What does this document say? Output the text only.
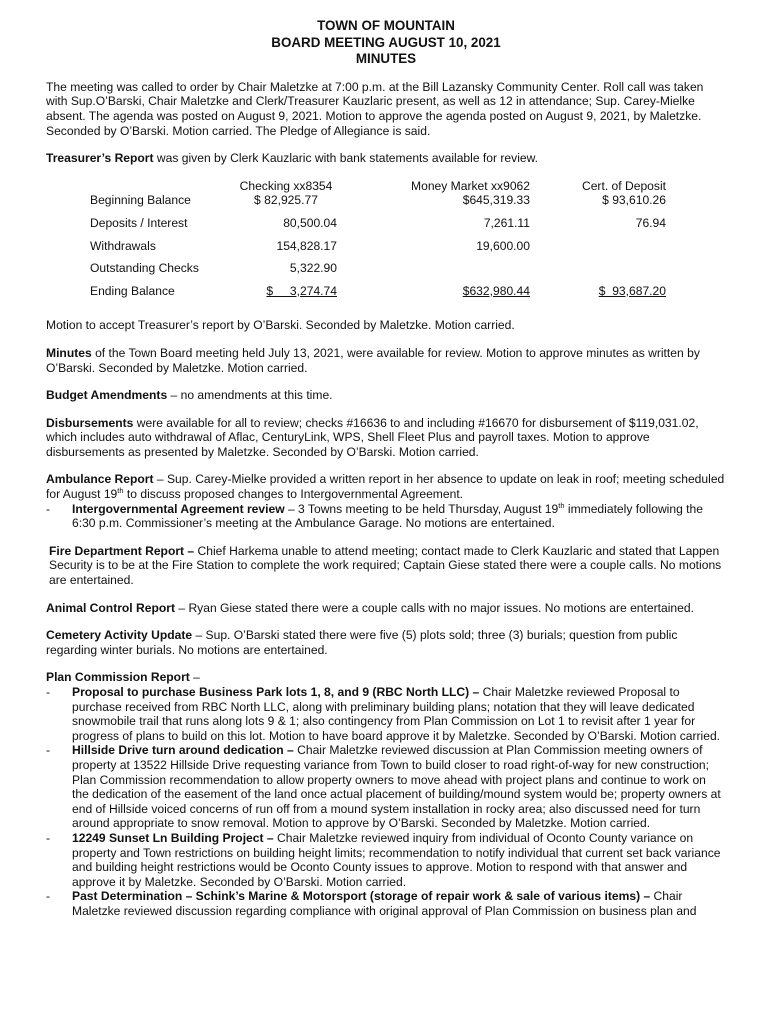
TOWN OF MOUNTAIN
BOARD MEETING AUGUST 10, 2021
MINUTES

The meeting was called to order by Chair Maletzke at 7:00 p.m. at the Bill Lazansky Community Center. Roll call was taken with Sup.O’Barski, Chair Maletzke and Clerk/Treasurer Kauzlaric present, as well as 12 in attendance; Sup. Carey-Mielke absent. The agenda was posted on August 9, 2021. Motion to approve the agenda posted on August 9, 2021, by Maletzke. Seconded by O’Barski. Motion carried. The Pledge of Allegiance is said.

Treasurer’s Report was given by Clerk Kauzlaric with bank statements available for review.

	Checking xx8354	Money Market xx9062	Cert. of Deposit
Beginning Balance	$ 82,925.77	$645,319.33	$ 93,610.26

Deposits / Interest	80,500.04	7,261.11	76.94

Withdrawals	154,828.17	19,600.00	

Outstanding Checks	5,322.90		

Ending Balance	$     3,274.74	$632,980.44	$  93,687.20

Motion to accept Treasurer’s report by O’Barski. Seconded by Maletzke. Motion carried.

Minutes of the Town Board meeting held July 13, 2021, were available for review. Motion to approve minutes as written by O’Barski. Seconded by Maletzke. Motion carried.

Budget Amendments – no amendments at this time.

Disbursements were available for all to review; checks #16636 to and including #16670 for disbursement of $119,031.02, which includes auto withdrawal of Aflac, CenturyLink, WPS, Shell Fleet Plus and payroll taxes. Motion to approve disbursements as presented by Maletzke. Seconded by O’Barski. Motion carried.

Ambulance Report – Sup. Carey-Mielke provided a written report in her absence to update on leak in roof; meeting scheduled for August 19th to discuss proposed changes to Intergovernmental Agreement.

-	Intergovernmental Agreement review – 3 Towns meeting to be held Thursday, August 19th immediately following the 6:30 p.m. Commissioner’s meeting at the Ambulance Garage. No motions are entertained.

Fire Department Report – Chief Harkema unable to attend meeting; contact made to Clerk Kauzlaric and stated that Lappen Security is to be at the Fire Station to complete the work required; Captain Giese stated there were a couple calls. No motions are entertained.

Animal Control Report – Ryan Giese stated there were a couple calls with no major issues. No motions are entertained.

Cemetery Activity Update – Sup. O’Barski stated there were five (5) plots sold; three (3) burials; question from public regarding winter burials. No motions are entertained.

Plan Commission Report –

-	Proposal to purchase Business Park lots 1, 8, and 9 (RBC North LLC) – Chair Maletzke reviewed Proposal to purchase received from RBC North LLC, along with preliminary building plans; notation that they will leave dedicated snowmobile trail that runs along lots 9 & 1; also contingency from Plan Commission on Lot 1 to revisit after 1 year for progress of plans to build on this lot. Motion to have board approve it by Maletzke. Seconded by O’Barski. Motion carried.
-	Hillside Drive turn around dedication – Chair Maletzke reviewed discussion at Plan Commission meeting owners of property at 13522 Hillside Drive requesting variance from Town to build closer to road right-of-way for new construction; Plan Commission recommendation to allow property owners to move ahead with project plans and continue to work on the dedication of the easement of the land once actual placement of building/mound system would be; property owners at end of Hillside voiced concerns of run off from a mound system installation in rocky area; also discussed need for turn around appropriate to snow removal. Motion to approve by O’Barski. Seconded by Maletzke. Motion carried.
-	12249 Sunset Ln Building Project – Chair Maletzke reviewed inquiry from individual of Oconto County variance on property and Town restrictions on building height limits; recommendation to notify individual that current set back variance and building height restrictions would be Oconto County issues to approve. Motion to respond with that answer and approve it by Maletzke. Seconded by O’Barski. Motion carried.
-	Past Determination – Schink’s Marine & Motorsport (storage of repair work & sale of various items) – Chair Maletzke reviewed discussion regarding compliance with original approval of Plan Commission on business plan and
